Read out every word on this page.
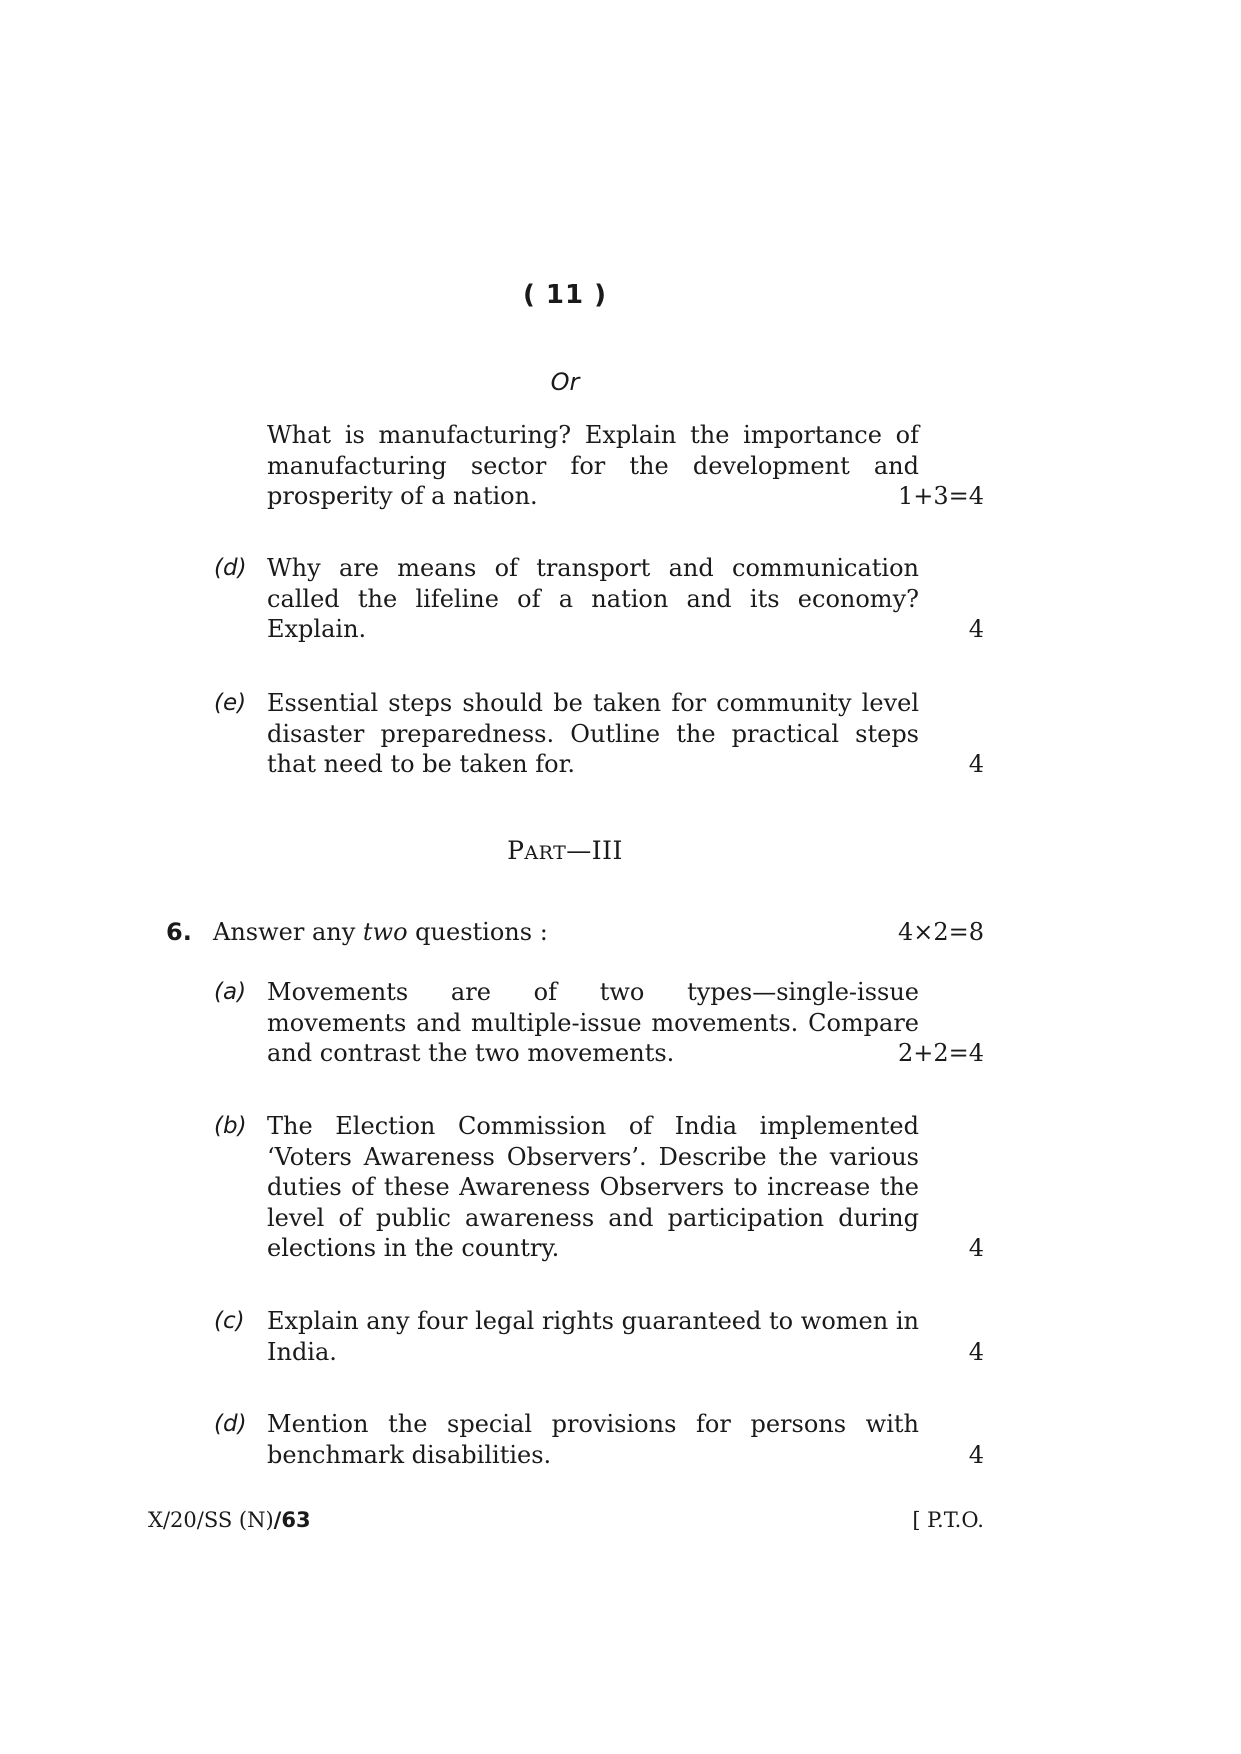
( 11 )
Or
What is manufacturing? Explain the importance of manufacturing sector for the development and prosperity of a nation.	1+3=4
(d) Why are means of transport and communication called the lifeline of a nation and its economy? Explain.	4
(e) Essential steps should be taken for community level disaster preparedness. Outline the practical steps that need to be taken for.	4
PART—III
6. Answer any two questions :	4×2=8
(a) Movements are of two types—single-issue movements and multiple-issue movements. Compare and contrast the two movements.	2+2=4
(b) The Election Commission of India implemented ‘Voters Awareness Observers’. Describe the various duties of these Awareness Observers to increase the level of public awareness and participation during elections in the country.	4
(c) Explain any four legal rights guaranteed to women in India.	4
(d) Mention the special provisions for persons with benchmark disabilities.	4
X/20/SS (N)/63	[ P.T.O.
